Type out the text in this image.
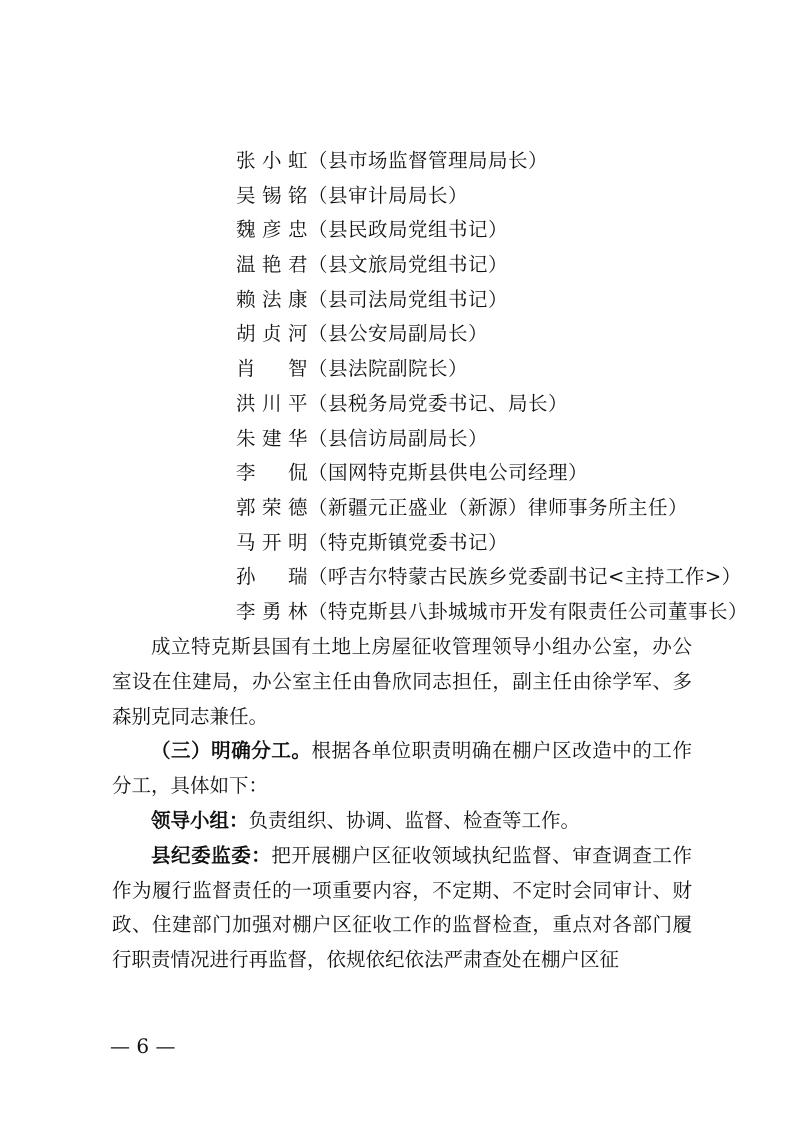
张小虹（县市场监督管理局局长）
吴锡铭（县审计局局长）
魏彦忠（县民政局党组书记）
温艳君（县文旅局党组书记）
赖法康（县司法局党组书记）
胡贞河（县公安局副局长）
肖智（县法院副院长）
洪川平（县税务局党委书记、局长）
朱建华（县信访局副局长）
李侃（国网特克斯县供电公司经理）
郭荣德（新疆元正盛业（新源）律师事务所主任）
马开明（特克斯镇党委书记）
孙瑞（呼吉尔特蒙古民族乡党委副书记<主持工作>）
李勇林（特克斯县八卦城城市开发有限责任公司董事长）

成立特克斯县国有土地上房屋征收管理领导小组办公室，办公室设在住建局，办公室主任由鲁欣同志担任，副主任由徐学军、多森别克同志兼任。

（三）明确分工。根据各单位职责明确在棚户区改造中的工作分工，具体如下：

领导小组：负责组织、协调、监督、检查等工作。

县纪委监委：把开展棚户区征收领域执纪监督、审查调查工作作为履行监督责任的一项重要内容，不定期、不定时会同审计、财政、住建部门加强对棚户区征收工作的监督检查，重点对各部门履行职责情况进行再监督，依规依纪依法严肃查处在棚户区征

— 6 —
